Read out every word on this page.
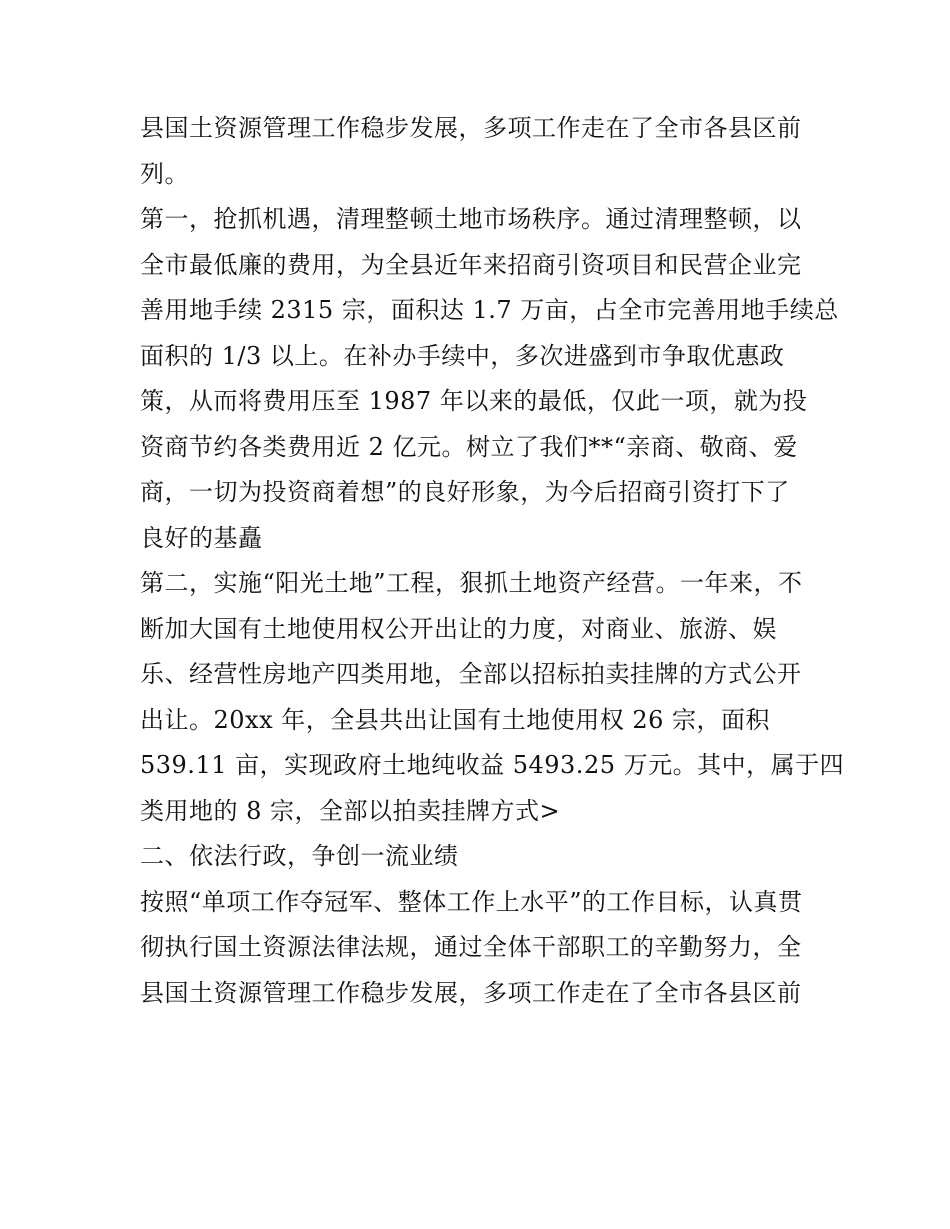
县国土资源管理工作稳步发展，多项工作走在了全市各县区前
列。
第一，抢抓机遇，清理整顿土地市场秩序。通过清理整顿，以
全市最低廉的费用，为全县近年来招商引资项目和民营企业完
善用地手续 2315 宗，面积达 1.7 万亩，占全市完善用地手续总
面积的 1/3 以上。在补办手续中，多次进盛到市争取优惠政
策，从而将费用压至 1987 年以来的最低，仅此一项，就为投
资商节约各类费用近 2 亿元。树立了我们**“亲商、敬商、爱
商，一切为投资商着想”的良好形象，为今后招商引资打下了
良好的基矗
第二，实施“阳光土地”工程，狠抓土地资产经营。一年来，不
断加大国有土地使用权公开出让的力度，对商业、旅游、娱
乐、经营性房地产四类用地，全部以招标拍卖挂牌的方式公开
出让。20xx 年，全县共出让国有土地使用权 26 宗，面积
539.11 亩，实现政府土地纯收益 5493.25 万元。其中，属于四
类用地的 8 宗，全部以拍卖挂牌方式>
二、依法行政，争创一流业绩
按照“单项工作夺冠军、整体工作上水平”的工作目标，认真贯
彻执行国土资源法律法规，通过全体干部职工的辛勤努力，全
县国土资源管理工作稳步发展，多项工作走在了全市各县区前
